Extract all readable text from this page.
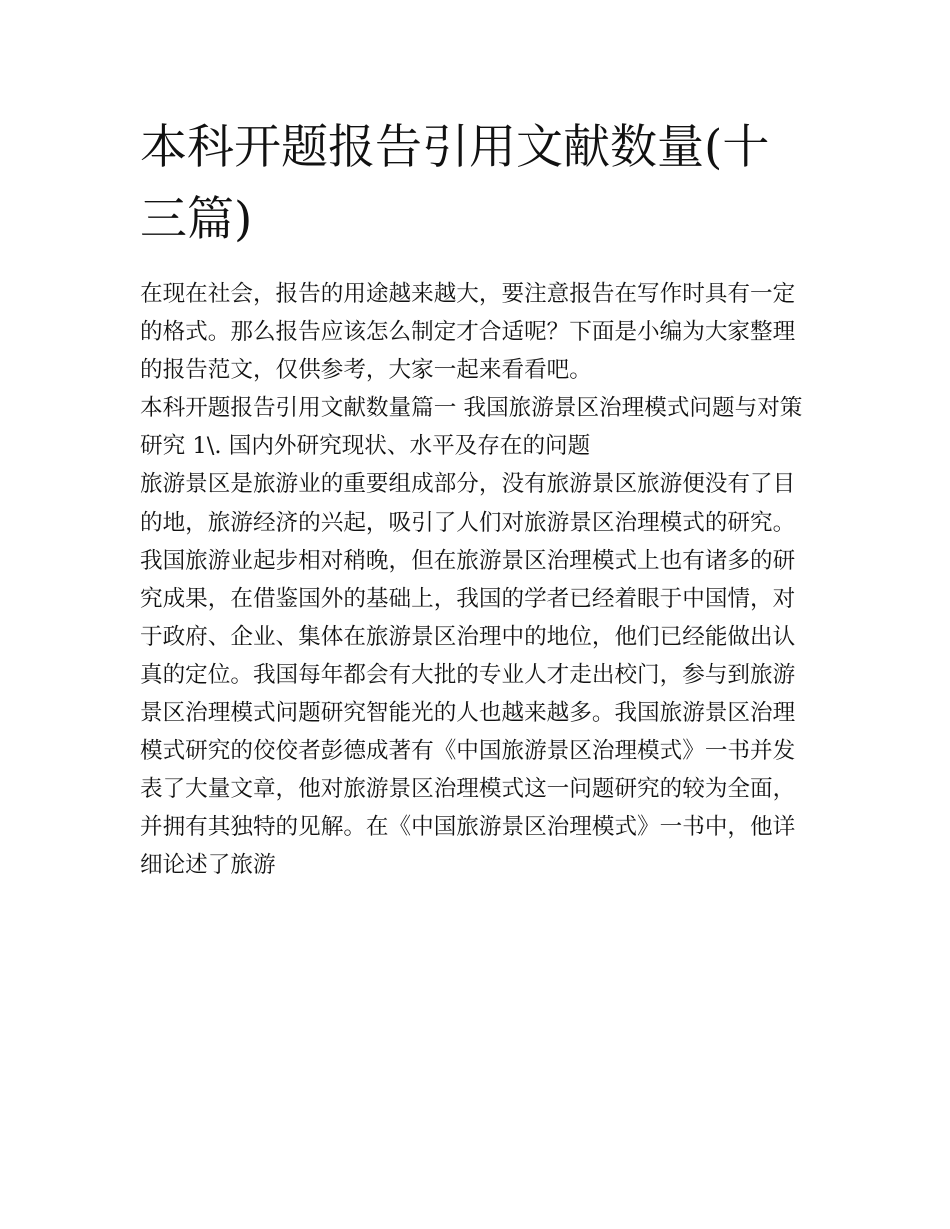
本科开题报告引用文献数量(十三篇)

在现在社会，报告的用途越来越大，要注意报告在写作时具有一定的格式。那么报告应该怎么制定才合适呢？下面是小编为大家整理的报告范文，仅供参考，大家一起来看看吧。

本科开题报告引用文献数量篇一 我国旅游景区治理模式问题与对策研究 1\. 国内外研究现状、水平及存在的问题

旅游景区是旅游业的重要组成部分，没有旅游景区旅游便没有了目的地，旅游经济的兴起，吸引了人们对旅游景区治理模式的研究。我国旅游业起步相对稍晚，但在旅游景区治理模式上也有诸多的研究成果，在借鉴国外的基础上，我国的学者已经着眼于中国情，对于政府、企业、集体在旅游景区治理中的地位，他们已经能做出认真的定位。我国每年都会有大批的专业人才走出校门，参与到旅游景区治理模式问题研究智能光的人也越来越多。我国旅游景区治理模式研究的佼佼者彭德成著有《中国旅游景区治理模式》一书并发表了大量文章，他对旅游景区治理模式这一问题研究的较为全面，并拥有其独特的见解。在《中国旅游景区治理模式》一书中，他详细论述了旅游
